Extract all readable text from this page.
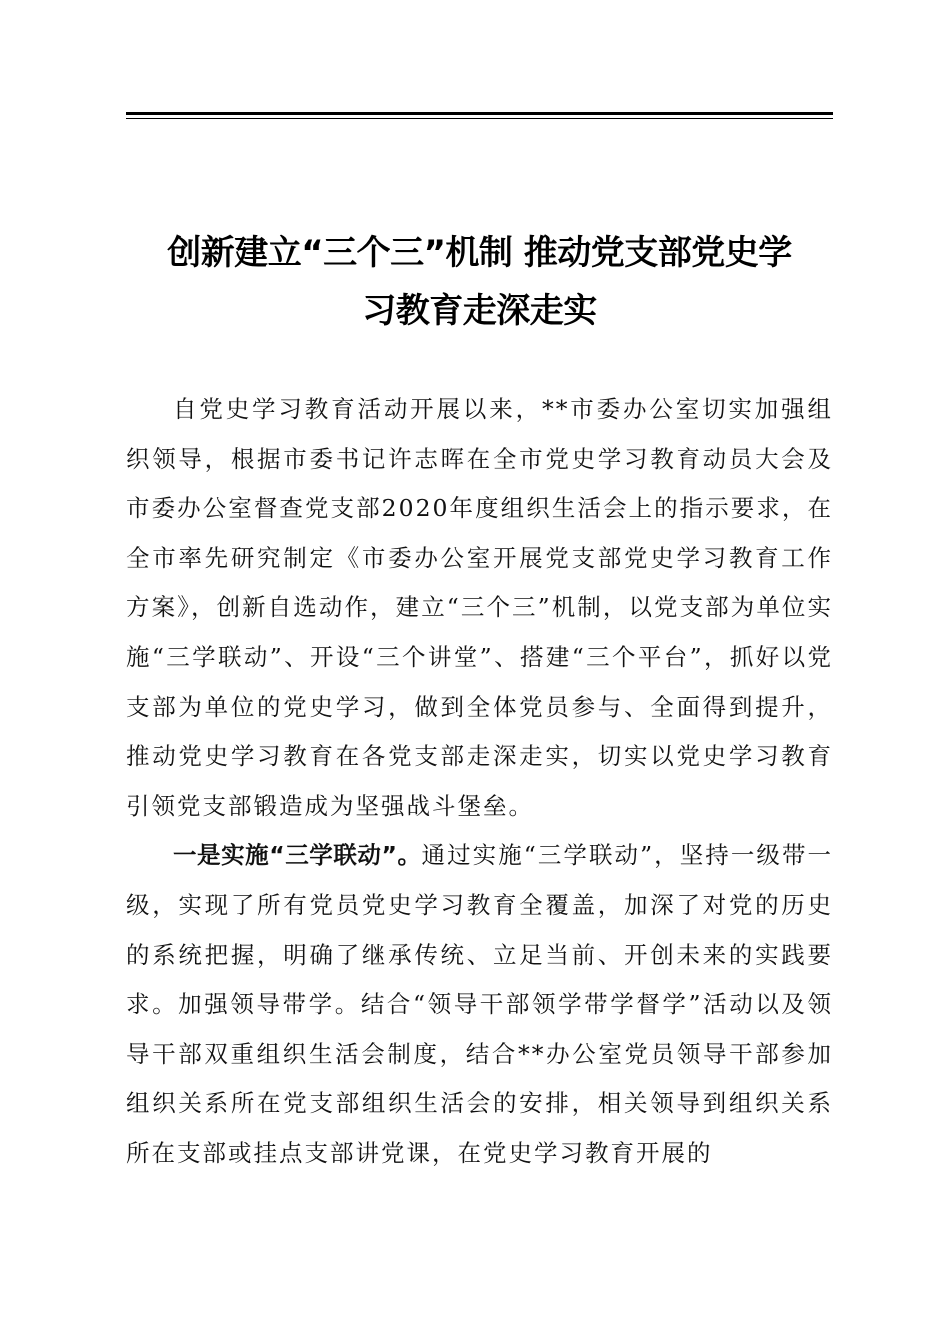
创新建立“三个三”机制 推动党支部党史学
习教育走深走实

自党史学习教育活动开展以来，**市委办公室切实加强组织领导，根据市委书记许志晖在全市党史学习教育动员大会及市委办公室督查党支部2020年度组织生活会上的指示要求，在全市率先研究制定《市委办公室开展党支部党史学习教育工作方案》，创新自选动作，建立“三个三”机制，以党支部为单位实施“三学联动”、开设“三个讲堂”、搭建“三个平台”，抓好以党支部为单位的党史学习，做到全体党员参与、全面得到提升，推动党史学习教育在各党支部走深走实，切实以党史学习教育引领党支部锻造成为坚强战斗堡垒。

一是实施“三学联动”。通过实施“三学联动”，坚持一级带一级，实现了所有党员党史学习教育全覆盖，加深了对党的历史的系统把握，明确了继承传统、立足当前、开创未来的实践要求。加强领导带学。结合“领导干部领学带学督学”活动以及领导干部双重组织生活会制度，结合**办公室党员领导干部参加组织关系所在党支部组织生活会的安排，相关领导到组织关系所在支部或挂点支部讲党课，在党史学习教育开展的
